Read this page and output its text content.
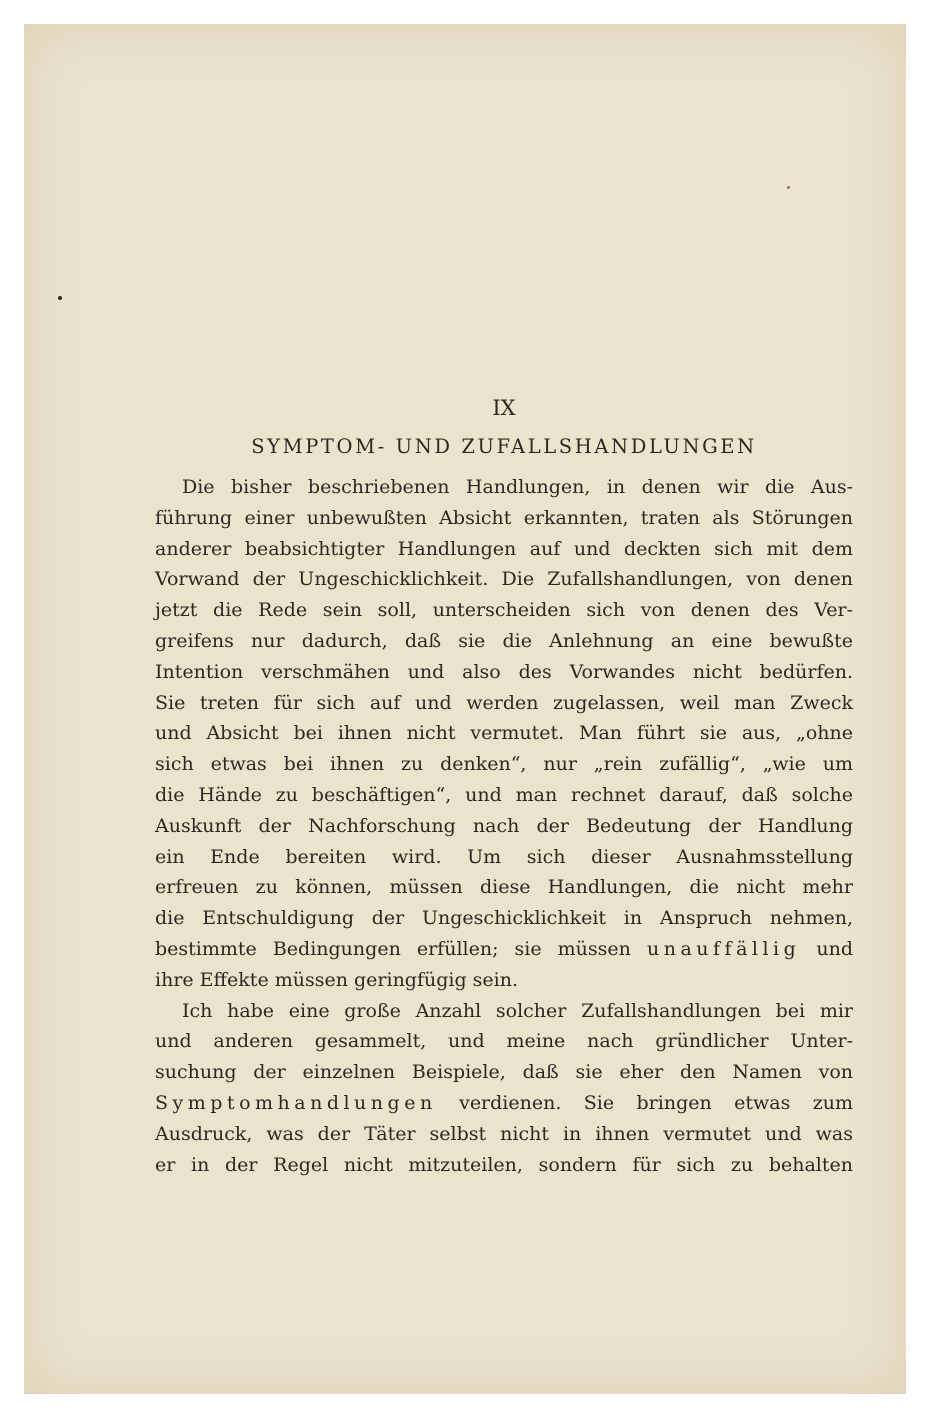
IX
SYMPTOM- UND ZUFALLSHANDLUNGEN
Die bisher beschriebenen Handlungen, in denen wir die Aus-
führung einer unbewußten Absicht erkannten, traten als Störungen
anderer beabsichtigter Handlungen auf und deckten sich mit dem
Vorwand der Ungeschicklichkeit. Die Zufallshandlungen, von denen
jetzt die Rede sein soll, unterscheiden sich von denen des Ver-
greifens nur dadurch, daß sie die Anlehnung an eine bewußte
Intention verschmähen und also des Vorwandes nicht bedürfen.
Sie treten für sich auf und werden zugelassen, weil man Zweck
und Absicht bei ihnen nicht vermutet. Man führt sie aus, „ohne
sich etwas bei ihnen zu denken“, nur „rein zufällig“, „wie um
die Hände zu beschäftigen“, und man rechnet darauf, daß solche
Auskunft der Nachforschung nach der Bedeutung der Handlung
ein Ende bereiten wird. Um sich dieser Ausnahmsstellung
erfreuen zu können, müssen diese Handlungen, die nicht mehr
die Entschuldigung der Ungeschicklichkeit in Anspruch nehmen,
bestimmte Bedingungen erfüllen; sie müssen unauffällig und
ihre Effekte müssen geringfügig sein.
Ich habe eine große Anzahl solcher Zufallshandlungen bei mir
und anderen gesammelt, und meine nach gründlicher Unter-
suchung der einzelnen Beispiele, daß sie eher den Namen von
Symptomhandlungen verdienen. Sie bringen etwas zum
Ausdruck, was der Täter selbst nicht in ihnen vermutet und was
er in der Regel nicht mitzuteilen, sondern für sich zu behalten
